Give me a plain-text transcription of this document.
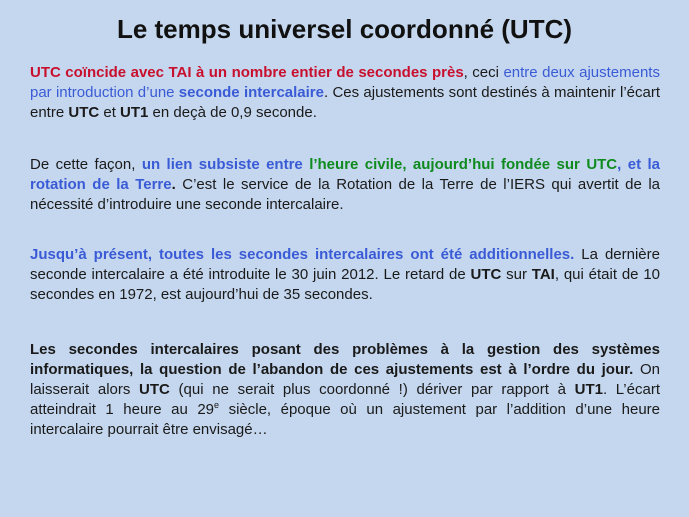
Le temps universel coordonné (UTC)
UTC coïncide avec TAI à un nombre entier de secondes près, ceci entre deux ajustements par introduction d’une seconde intercalaire. Ces ajustements sont destinés à maintenir l’écart entre UTC et UT1 en deçà de 0,9 seconde.
De cette façon, un lien subsiste entre l’heure civile, aujourd’hui fondée sur UTC, et la rotation de la Terre. C’est le service de la Rotation de la Terre de l’IERS qui avertit de la nécessité d’introduire une seconde intercalaire.
Jusqu’à présent, toutes les secondes intercalaires ont été additionnelles. La dernière seconde intercalaire a été introduite le 30 juin 2012. Le retard de UTC sur TAI, qui était de 10 secondes en 1972, est aujourd’hui de 35 secondes.
Les secondes intercalaires posant des problèmes à la gestion des systèmes informatiques, la question de l’abandon de ces ajustements est à l’ordre du jour. On laisserait alors UTC (qui ne serait plus coordonné !) dériver par rapport à UT1. L’écart atteindrait 1 heure au 29e siècle, époque où un ajustement par l’addition d’une heure intercalaire pourrait être envisagé…
